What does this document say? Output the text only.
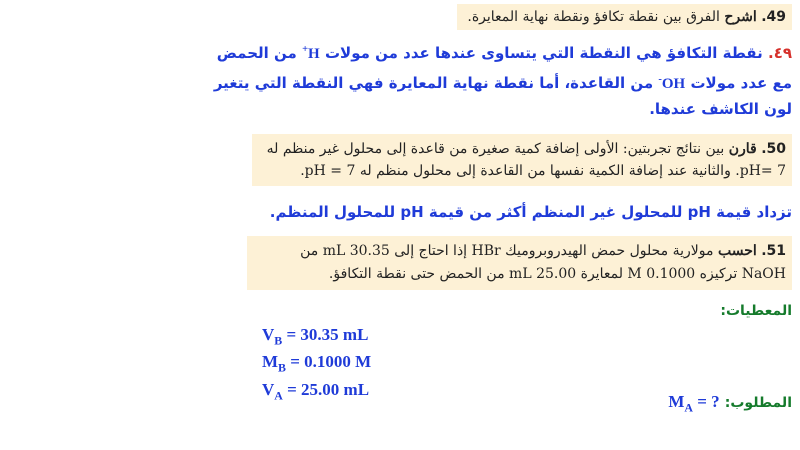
49. اشرح الفرق بين نقطة تكافؤ ونقطة نهاية المعايرة.
٤٩. نقطة التكافؤ هي النقطة التي يتساوى عندها عدد من مولات H+ من الحمض
مع عدد مولات OH- من القاعدة، أما نقطة نهاية المعايرة فهي النقطة التي يتغير
لون الكاشف عندها.
50. قارن بين نتائج تجربتين: الأولى إضافة كمية صغيرة من قاعدة إلى محلول غير منظم له
pH= 7. والثانية عند إضافة الكمية نفسها من القاعدة إلى محلول منظم له pH = 7.
تزداد قيمة pH للمحلول غير المنظم أكثر من قيمة pH للمحلول المنظم.
51. احسب مولارية محلول حمض الهيدروبروميك HBr إذا احتاج إلى 30.35 mL من
NaOH تركيزه 0.1000 M لمعايرة 25.00 mL من الحمض حتى نقطة التكافؤ.
المعطيات:
$V_B = 30.35$ mL
$M_B = 0.1000$ M
$V_A = 25.00$ mL
المطلوب: $M_A$ = ?
